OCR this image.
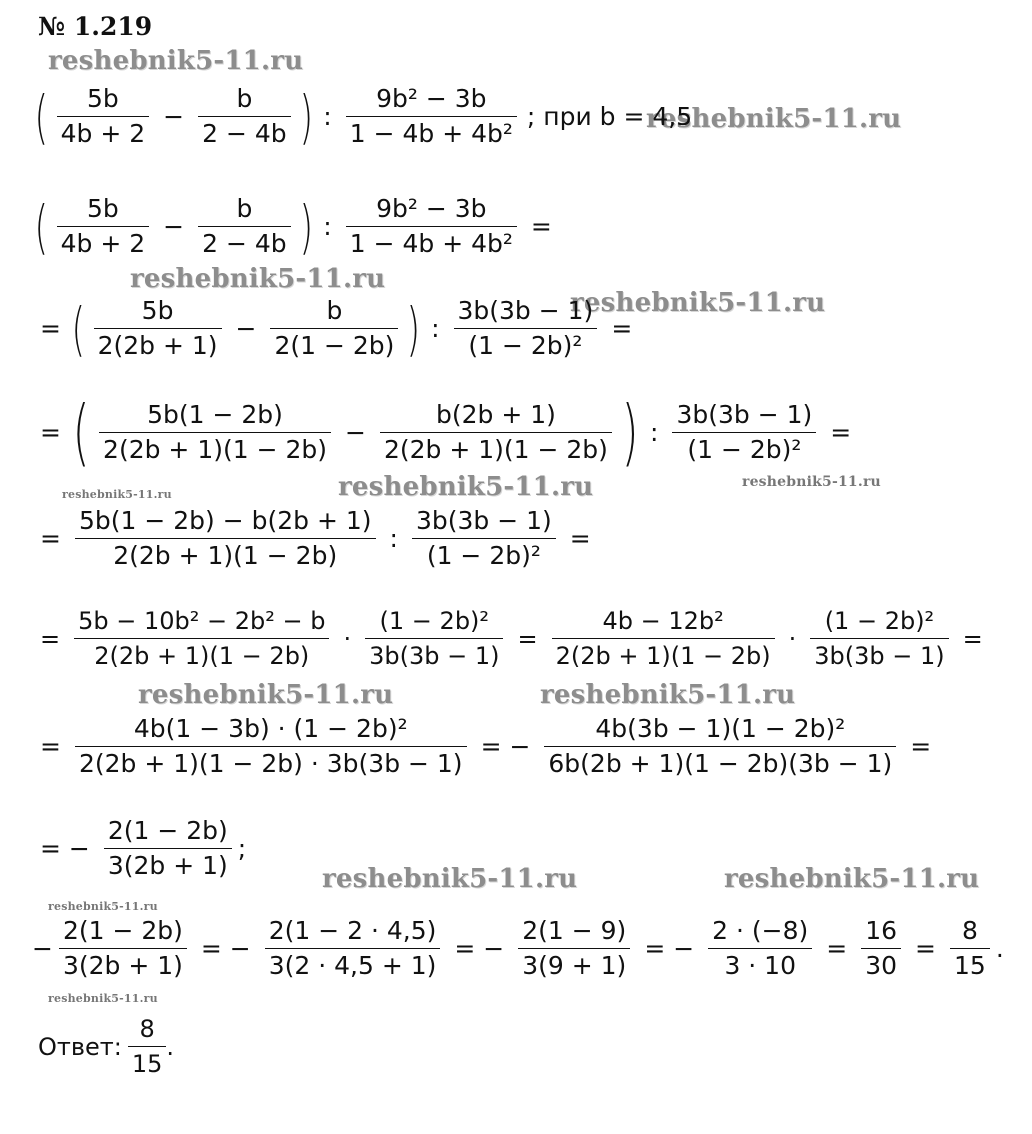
№ 1.219
reshebnik5-11.ru
reshebnik5-11.ru
reshebnik5-11.ru
reshebnik5-11.ru
reshebnik5-11.ru	reshebnik5-11.ru	reshebnik5-11.ru
reshebnik5-11.ru	reshebnik5-11.ru
reshebnik5-11.ru	reshebnik5-11.ru
reshebnik5-11.ru
reshebnik5-11.ru
( $\frac{5b}{4b + 2} - \frac{b}{2 - 4b}$ ) : $\frac{\text{9b² − 3b}}{\text{1 − 4b + 4b²}}$ ; при b = 4,5
( $\frac{5b}{4b + 2} - \frac{b}{2 - 4b}$ ) : $\frac{\text{9b² − 3b}}{\text{1 − 4b + 4b²}}$ =
= ( $\frac{5b}{2(2b + 1)} - \frac{b}{2(1 - 2b)}$ ) : $\frac{3b(3b - 1)}{\text{(1 − 2b)²}}$ =
= ( $\frac{5b(1 - 2b)}{2(2b + 1)(1 - 2b)} - \frac{b(2b + 1)}{2(2b + 1)(1 - 2b)}$ ) : $\frac{3b(3b - 1)}{\text{(1 − 2b)²}}$ =
= $\frac{5b(1 - 2b) - b(2b + 1)}{2(2b + 1)(1 - 2b)}$ : $\frac{3b(3b - 1)}{\text{(1 − 2b)²}}$ =
= $\frac{\text{5b − 10b² − 2b² − b}}{2(2b + 1)(1 - 2b)} \cdot \frac{\text{(1 − 2b)²}}{3b(3b - 1)} = \frac{\text{4b − 12b²}}{2(2b + 1)(1 - 2b)} \cdot \frac{\text{(1 − 2b)²}}{3b(3b - 1)}$ =
= $\frac{\text{4b(1 − 3b) · (1 − 2b)²}}{2(2b + 1)(1 - 2b) \cdot 3b(3b - 1)}$ = − $\frac{\text{4b(3b − 1)(1 − 2b)²}}{6b(2b + 1)(1 - 2b)(3b - 1)}$ =
= − $\frac{2(1 - 2b)}{3(2b + 1)}$ ;
− $\frac{2(1 - 2b)}{3(2b + 1)}$ = − $\frac{2(1 - 2 \cdot 4,5)}{3(2 \cdot 4,5 + 1)}$ = − $\frac{2(1 - 9)}{3(9 + 1)}$ = − $\frac{2 \cdot (-8)}{3 \cdot 10} = \frac{16}{30} = \frac{8}{15}$ .
Ответ: $\frac{8}{15}$ .
